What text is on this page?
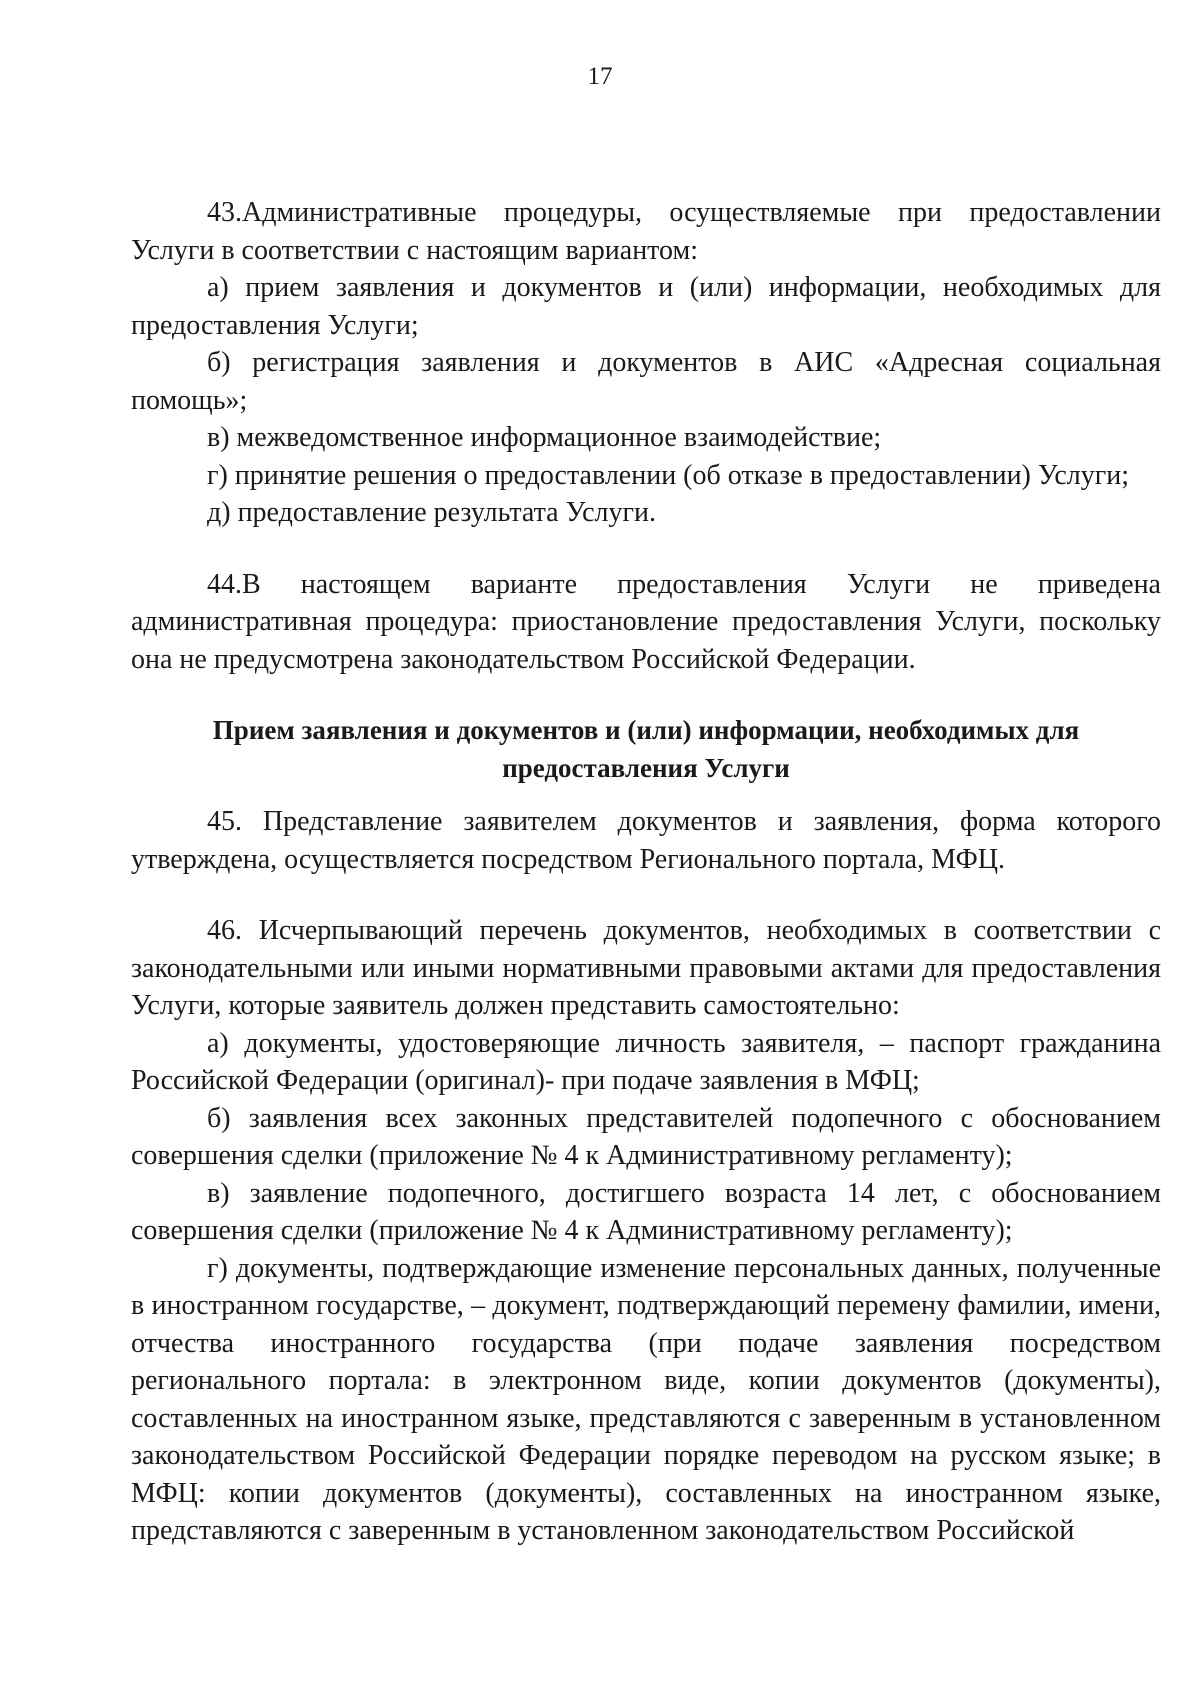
17

43.Административные процедуры, осуществляемые при предоставлении Услуги в соответствии с настоящим вариантом:

а) прием заявления и документов и (или) информации, необходимых для предоставления Услуги;

б) регистрация заявления и документов в АИС «Адресная социальная помощь»;

в) межведомственное информационное взаимодействие;

г) принятие решения о предоставлении (об отказе в предоставлении) Услуги;

д) предоставление результата Услуги.

44.В настоящем варианте предоставления Услуги не приведена административная процедура: приостановление предоставления Услуги, поскольку она не предусмотрена законодательством Российской Федерации.

Прием заявления и документов и (или) информации, необходимых для предоставления Услуги

45. Представление заявителем документов и заявления, форма которого утверждена, осуществляется посредством Регионального портала, МФЦ.

46. Исчерпывающий перечень документов, необходимых в соответствии с законодательными или иными нормативными правовыми актами для предоставления Услуги, которые заявитель должен представить самостоятельно:

а) документы, удостоверяющие личность заявителя, – паспорт гражданина Российской Федерации (оригинал)- при подаче заявления в МФЦ;

б) заявления всех законных представителей подопечного с обоснованием совершения сделки (приложение № 4 к Административному регламенту);

в) заявление подопечного, достигшего возраста 14 лет, с обоснованием совершения сделки (приложение № 4 к Административному регламенту);

г) документы, подтверждающие изменение персональных данных, полученные в иностранном государстве, – документ, подтверждающий перемену фамилии, имени, отчества иностранного государства (при подаче заявления посредством регионального портала: в электронном виде, копии документов (документы), составленных на иностранном языке, представляются с заверенным в установленном законодательством Российской Федерации порядке переводом на русском языке; в МФЦ: копии документов (документы), составленных на иностранном языке, представляются с заверенным в установленном законодательством Российской
